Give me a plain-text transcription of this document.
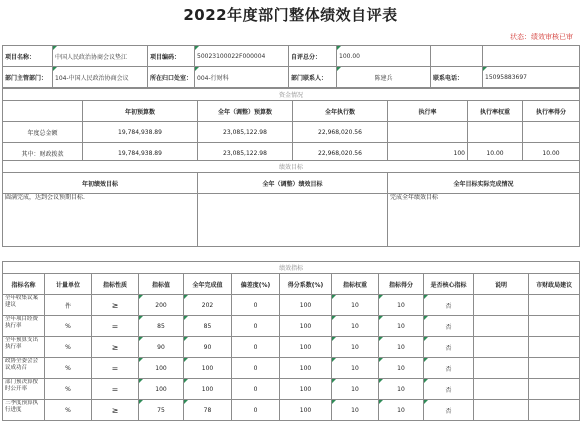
2022年度部门整体绩效自评表
状态：绩效审核已审
项目名称：	中国人民政治协商会议垫江	项目编码：	50023100022F000004	自评总分：	100.00		
部门主管部门：	104-中国人民政治协商会议	所在归口处室：	004-行财科	部门联系人：	陈建兵	联系电话：	15095883697
资金情况						
	年初预算数	全年（调整）预算数	全年执行数	执行率	执行率权重	执行率得分
年度总金额	19,784,938.89	23,085,122.98	22,968,020.56			
其中：财政拨款	19,784,938.89	23,085,122.98	22,968,020.56	100	10.00	10.00
绩效目标		
年初绩效目标	全年（调整）绩效目标	全年目标实际完成情况
圆满完成，达到会议预期目标.		完成全年绩效目标
绩效指标											
指标名称	计量单位	指标性质	指标值	全年完成值	偏差度(%)	得分系数(%)	指标权重	指标得分	是否核心指标	说明	市财政局建议
全年收集议案建议	件	≥	200	202	0	100	10	10	否		
全年项目经费执行率	%	=	85	85	0	100	10	10	否		
全年预算支出执行率	%	≥	90	90	0	100	10	10	否		
政协全委会会议成功召	%	=	100	100	0	100	10	10	否		
部门预决算按时公开率	%	=	100	100	0	100	10	10	否		
三季度预算执行进度	%	≥	75	78	0	100	10	10	否		
